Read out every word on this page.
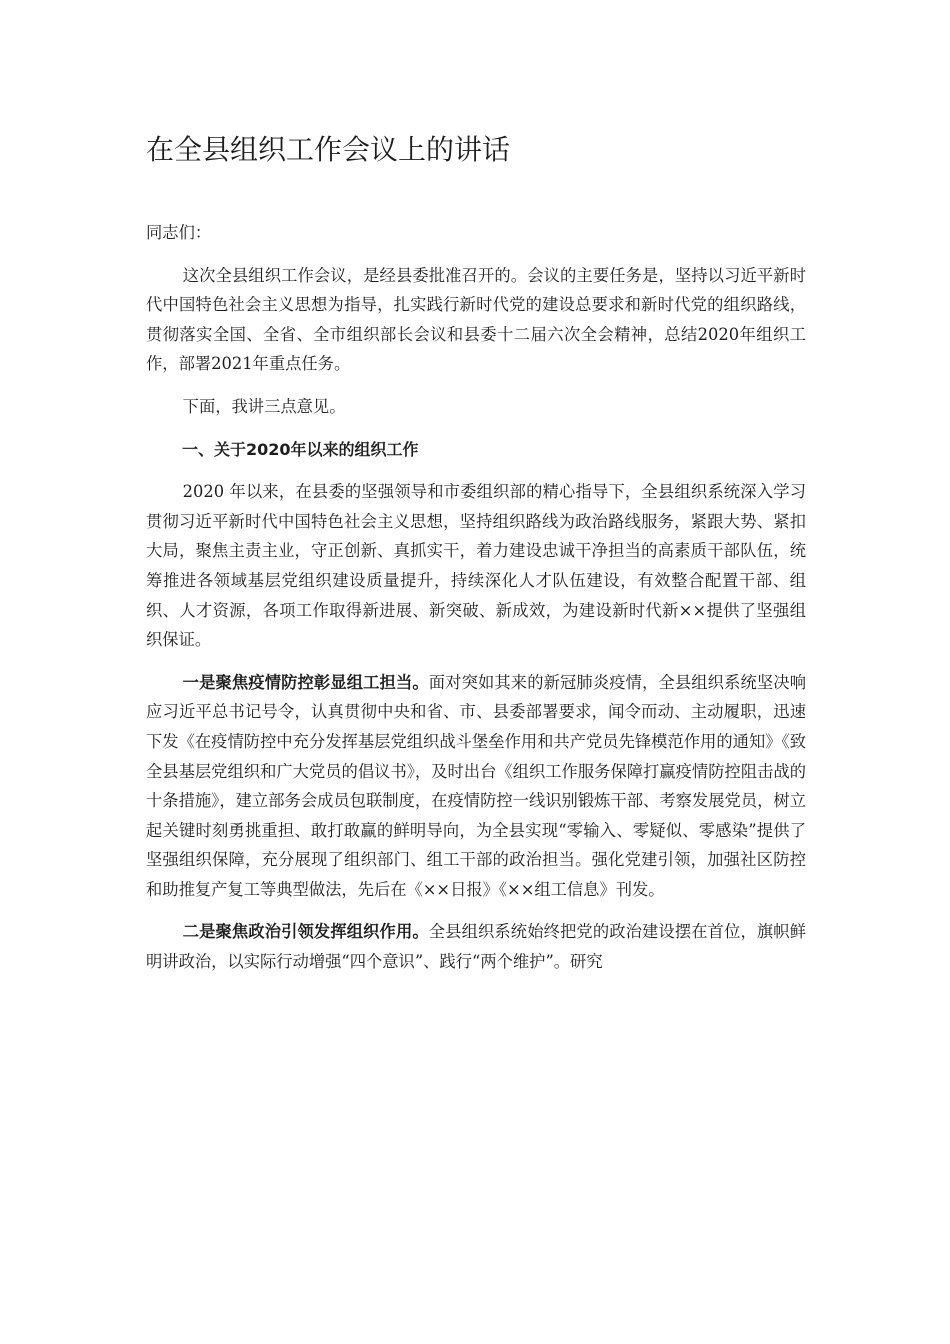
在全县组织工作会议上的讲话

同志们：

这次全县组织工作会议，是经县委批准召开的。会议的主要任务是，坚持以习近平新时代中国特色社会主义思想为指导，扎实践行新时代党的建设总要求和新时代党的组织路线，贯彻落实全国、全省、全市组织部长会议和县委十二届六次全会精神，总结2020年组织工作，部署2021年重点任务。

下面，我讲三点意见。

一、关于2020年以来的组织工作

2020 年以来，在县委的坚强领导和市委组织部的精心指导下，全县组织系统深入学习贯彻习近平新时代中国特色社会主义思想，坚持组织路线为政治路线服务，紧跟大势、紧扣大局，聚焦主责主业，守正创新、真抓实干，着力建设忠诚干净担当的高素质干部队伍，统筹推进各领域基层党组织建设质量提升，持续深化人才队伍建设，有效整合配置干部、组织、人才资源，各项工作取得新进展、新突破、新成效，为建设新时代新××提供了坚强组织保证。

一是聚焦疫情防控彰显组工担当。面对突如其来的新冠肺炎疫情，全县组织系统坚决响应习近平总书记号令，认真贯彻中央和省、市、县委部署要求，闻令而动、主动履职，迅速下发《在疫情防控中充分发挥基层党组织战斗堡垒作用和共产党员先锋模范作用的通知》《致全县基层党组织和广大党员的倡议书》，及时出台《组织工作服务保障打赢疫情防控阻击战的十条措施》，建立部务会成员包联制度，在疫情防控一线识别锻炼干部、考察发展党员，树立起关键时刻勇挑重担、敢打敢赢的鲜明导向，为全县实现“零输入、零疑似、零感染”提供了坚强组织保障，充分展现了组织部门、组工干部的政治担当。强化党建引领，加强社区防控和助推复产复工等典型做法，先后在《××日报》《××组工信息》刊发。

二是聚焦政治引领发挥组织作用。全县组织系统始终把党的政治建设摆在首位，旗帜鲜明讲政治，以实际行动增强“四个意识”、践行“两个维护”。研究
